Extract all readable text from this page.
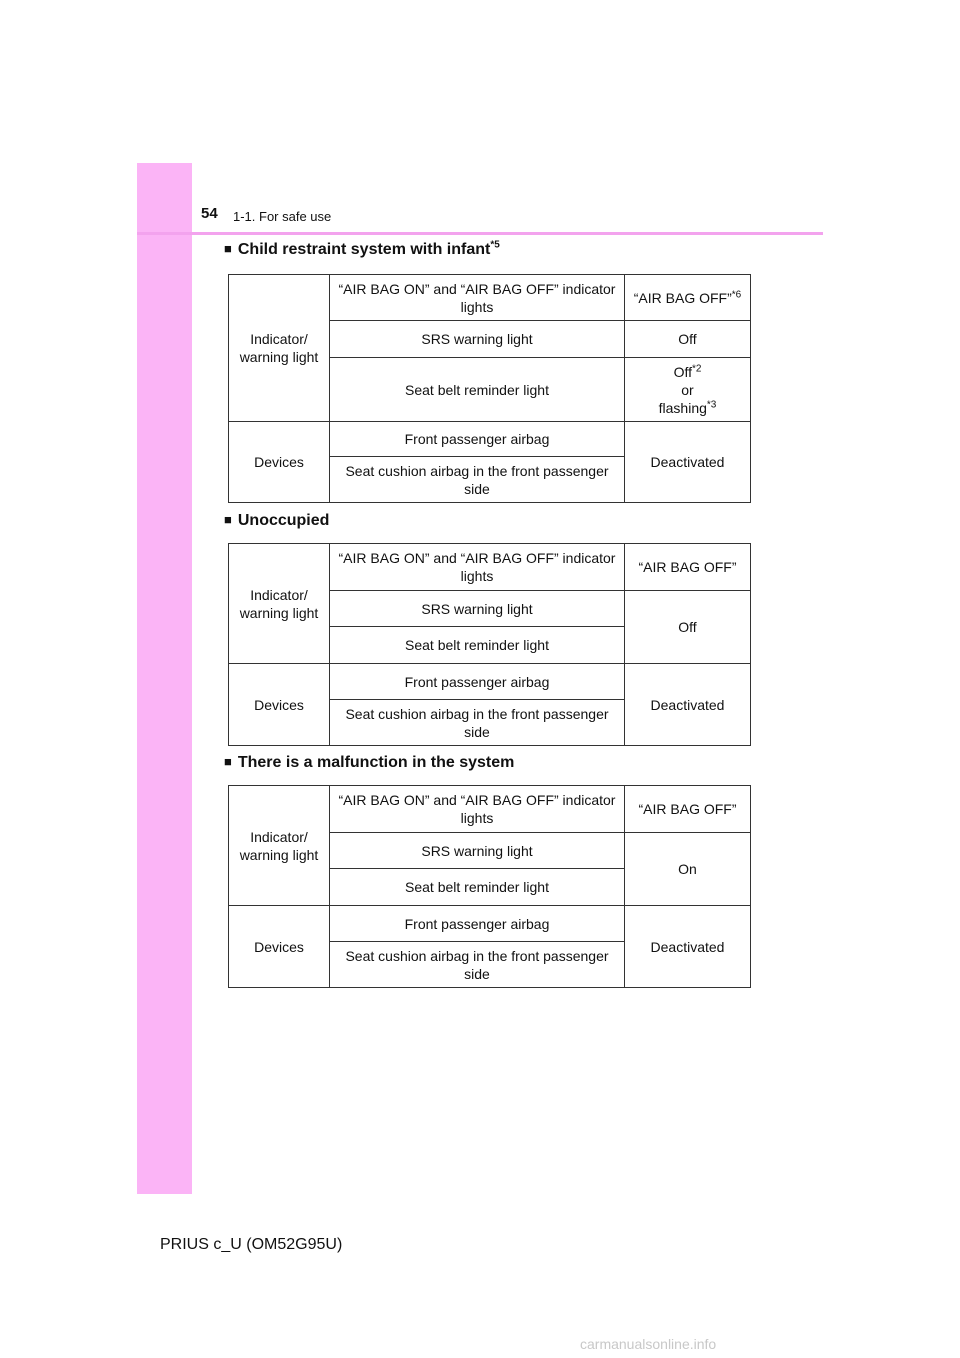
54 1-1. For safe use
■ Child restraint system with infant$^{*5}$
Indicator/ warning light	“AIR BAG ON” and “AIR BAG OFF” indicator lights	“AIR BAG OFF”$^{*6}$
	SRS warning light	Off
	Seat belt reminder light	Off$^{*2}$
or
flashing$^{*3}$
Devices	Front passenger airbag	Deactivated
	Seat cushion airbag in the front passenger side	
■ Unoccupied
Indicator/ warning light	“AIR BAG ON” and “AIR BAG OFF” indicator lights	“AIR BAG OFF”
	SRS warning light	Off
	Seat belt reminder light	
Devices	Front passenger airbag	Deactivated
	Seat cushion airbag in the front passenger side	
■ There is a malfunction in the system
Indicator/ warning light	“AIR BAG ON” and “AIR BAG OFF” indicator lights	“AIR BAG OFF”
	SRS warning light	On
	Seat belt reminder light	
Devices	Front passenger airbag	Deactivated
	Seat cushion airbag in the front passenger side	
PRIUS c_U (OM52G95U)
carmanualsonline.info
